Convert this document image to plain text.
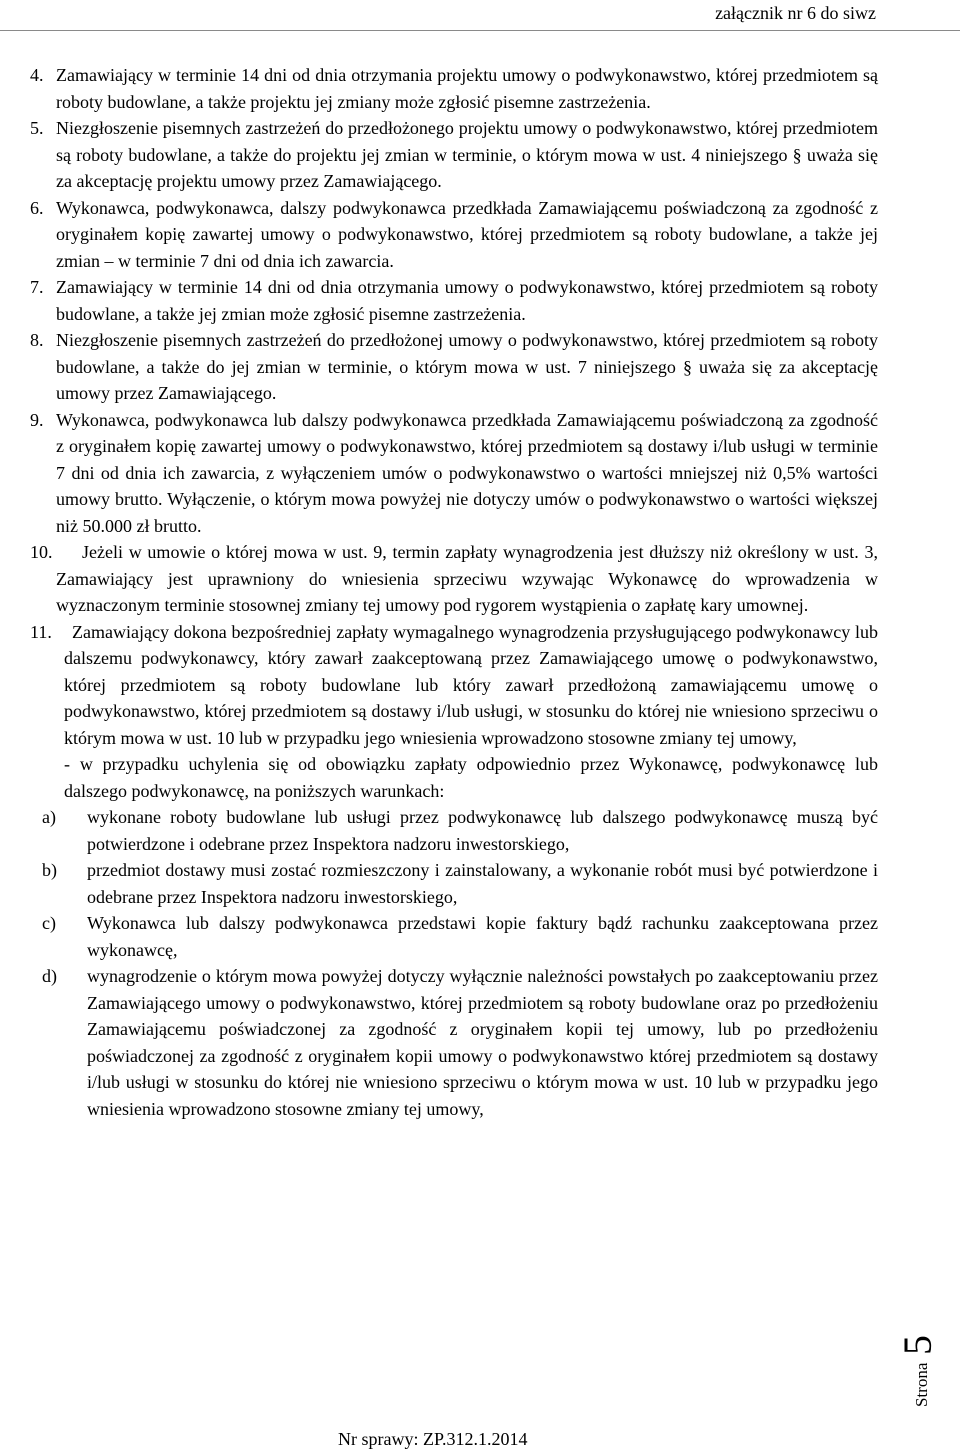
załącznik nr 6 do siwz
4. Zamawiający w terminie 14 dni od dnia otrzymania projektu umowy o podwykonawstwo, której przedmiotem są roboty budowlane, a także projektu jej zmiany może zgłosić pisemne zastrzeżenia.
5. Niezgłoszenie pisemnych zastrzeżeń do przedłożonego projektu umowy o podwykonawstwo, której przedmiotem są roboty budowlane, a także do projektu jej zmian w terminie, o którym mowa w ust. 4 niniejszego § uważa się za akceptację projektu umowy przez Zamawiającego.
6. Wykonawca, podwykonawca, dalszy podwykonawca przedkłada Zamawiającemu poświadczoną za zgodność z oryginałem kopię zawartej umowy o podwykonawstwo, której przedmiotem są roboty budowlane, a także jej zmian – w terminie 7 dni od dnia ich zawarcia.
7. Zamawiający w terminie 14 dni od dnia otrzymania umowy o podwykonawstwo, której przedmiotem są roboty budowlane, a także jej zmian może zgłosić pisemne zastrzeżenia.
8. Niezgłoszenie pisemnych zastrzeżeń do przedłożonej umowy o podwykonawstwo, której przedmiotem są roboty budowlane, a także do jej zmian w terminie, o którym mowa w ust. 7 niniejszego § uważa się za akceptację umowy przez Zamawiającego.
9. Wykonawca, podwykonawca lub dalszy podwykonawca przedkłada Zamawiającemu poświadczoną za zgodność z oryginałem kopię zawartej umowy o podwykonawstwo, której przedmiotem są dostawy i/lub usługi w terminie 7 dni od dnia ich zawarcia, z wyłączeniem umów o podwykonawstwo o wartości mniejszej niż 0,5% wartości umowy brutto. Wyłączenie, o którym mowa powyżej nie dotyczy umów o podwykonawstwo o wartości większej niż 50.000 zł brutto.
10. Jeżeli w umowie o której mowa w ust. 9, termin zapłaty wynagrodzenia jest dłuższy niż określony w ust. 3, Zamawiający jest uprawniony do wniesienia sprzeciwu wzywając Wykonawcę do wprowadzenia w wyznaczonym terminie stosownej zmiany tej umowy pod rygorem wystąpienia o zapłatę kary umownej.
11. Zamawiający dokona bezpośredniej zapłaty wymagalnego wynagrodzenia przysługującego podwykonawcy lub dalszemu podwykonawcy, który zawarł zaakceptowaną przez Zamawiającego umowę o podwykonawstwo, której przedmiotem są roboty budowlane lub który zawarł przedłożoną zamawiającemu umowę o podwykonawstwo, której przedmiotem są dostawy i/lub usługi, w stosunku do której nie wniesiono sprzeciwu o którym mowa w ust. 10 lub w przypadku jego wniesienia wprowadzono stosowne zmiany tej umowy,
- w przypadku uchylenia się od obowiązku zapłaty odpowiednio przez Wykonawcę, podwykonawcę lub dalszego podwykonawcę, na poniższych warunkach:
a) wykonane roboty budowlane lub usługi przez podwykonawcę lub dalszego podwykonawcę muszą być potwierdzone i odebrane przez Inspektora nadzoru inwestorskiego,
b) przedmiot dostawy musi zostać rozmieszczony i zainstalowany, a wykonanie robót musi być potwierdzone i odebrane przez Inspektora nadzoru inwestorskiego,
c) Wykonawca lub dalszy podwykonawca przedstawi kopie faktury bądź rachunku zaakceptowana przez wykonawcę,
d) wynagrodzenie o którym mowa powyżej dotyczy wyłącznie należności powstałych po zaakceptowaniu przez Zamawiającego umowy o podwykonawstwo, której przedmiotem są roboty budowlane oraz po przedłożeniu Zamawiającemu poświadczonej za zgodność z oryginałem kopii tej umowy, lub po przedłożeniu poświadczonej za zgodność z oryginałem kopii umowy o podwykonawstwo której przedmiotem są dostawy i/lub usługi w stosunku do której nie wniesiono sprzeciwu o którym mowa w ust. 10 lub w przypadku jego wniesienia wprowadzono stosowne zmiany tej umowy,
Strona
5
Nr sprawy: ZP.312.1.2014
